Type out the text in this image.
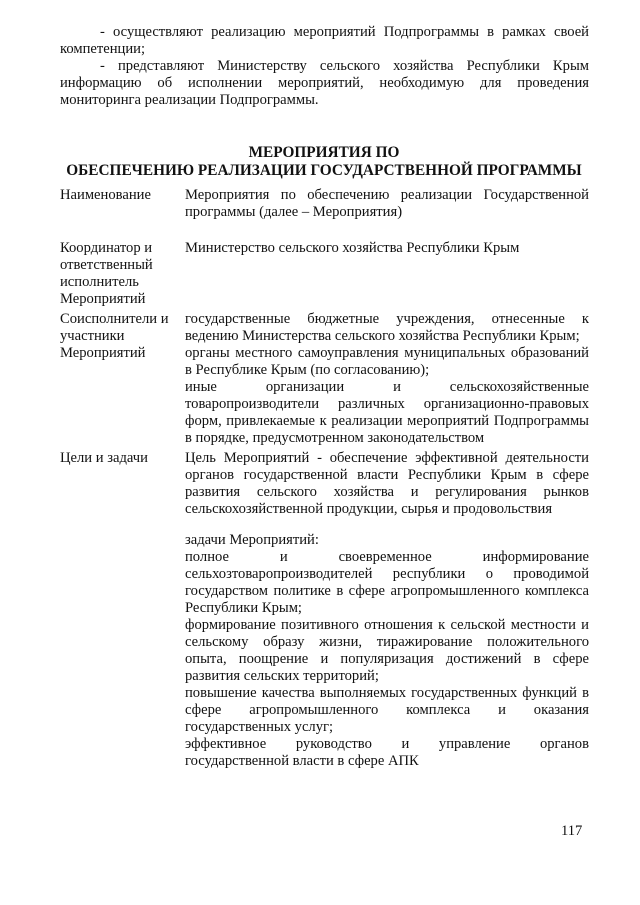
- осуществляют реализацию мероприятий Подпрограммы в рамках своей компетенции;

- представляют Министерству сельского хозяйства Республики Крым информацию об исполнении мероприятий, необходимую для проведения мониторинга реализации Подпрограммы.

МЕРОПРИЯТИЯ ПО
ОБЕСПЕЧЕНИЮ РЕАЛИЗАЦИИ ГОСУДАРСТВЕННОЙ ПРОГРАММЫ
Наименование	Мероприятия по обеспечению реализации Государственной программы (далее – Мероприятия)

Координатор и ответственный исполнитель Мероприятий	Министерство сельского хозяйства Республики Крым

Соисполнители и участники Мероприятий	государственные бюджетные учреждения, отнесенные к ведению Министерства сельского хозяйства Республики Крым;

органы местного самоуправления муниципальных образований в Республике Крым (по согласованию);

иные организации и сельскохозяйственные товаропроизводители различных организационно-правовых форм, привлекаемые к реализации мероприятий Подпрограммы в порядке, предусмотренном законодательством

Цели и задачи	Цель Мероприятий - обеспечение эффективной деятельности органов государственной власти Республики Крым в сфере развития сельского хозяйства и регулирования рынков сельскохозяйственной продукции, сырья и продовольствия

	задачи Мероприятий:

полное и своевременное информирование сельхозтоваропроизводителей республики о проводимой государством политике в сфере агропромышленного комплекса Республики Крым;

формирование позитивного отношения к сельской местности и сельскому образу жизни, тиражирование положительного опыта, поощрение и популяризация достижений в сфере развития сельских территорий;

повышение качества выполняемых государственных функций в сфере агропромышленного комплекса и оказания государственных услуг;

эффективное руководство и управление органов государственной власти в сфере АПК

117
